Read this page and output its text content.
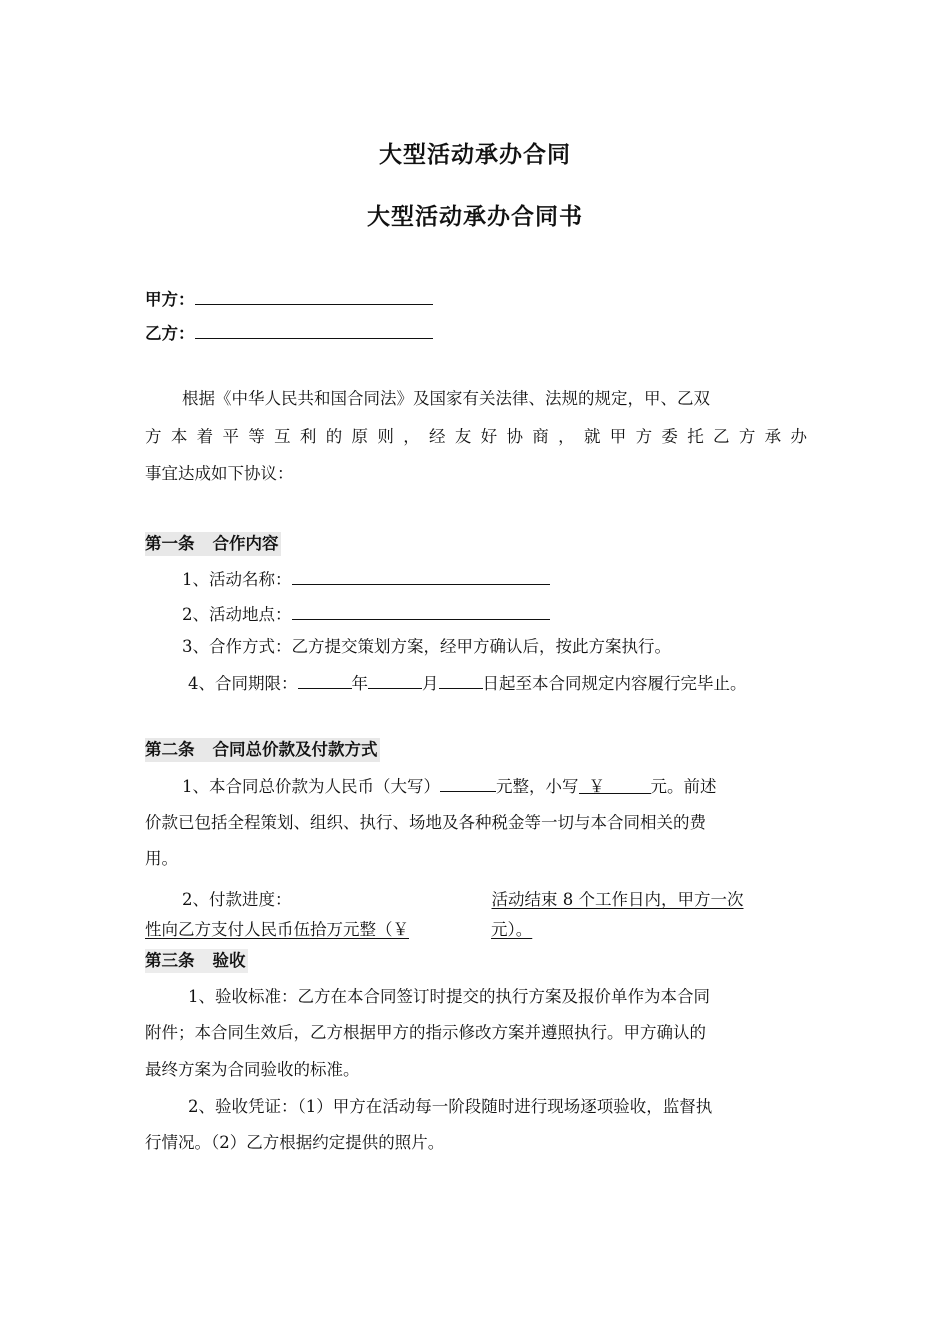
大型活动承办合同
大型活动承办合同书
甲方：
乙方：
根据《中华人民共和国合同法》及国家有关法律、法规的规定，甲、乙双
方本着平等互利的原则，经友好协商，就甲方委托乙方承办
事宜达成如下协议：
第一条 合作内容
1、活动名称：
2、活动地点：
3、合作方式：乙方提交策划方案，经甲方确认后，按此方案执行。
4、合同期限：	年	月	日起至本合同规定内容履行完毕止。
第二条 合同总价款及付款方式
1、本合同总价款为人民币（大写）	元整，小写 ￥	元。前述
价款已包括全程策划、组织、执行、场地及各种税金等一切与本合同相关的费
用。
2、付款进度：	活动结束 8 个工作日内，甲方一次
性向乙方支付人民币伍拾万元整（￥	元）。
第三条 验收
1、验收标准：乙方在本合同签订时提交的执行方案及报价单作为本合同
附件；本合同生效后，乙方根据甲方的指示修改方案并遵照执行。甲方确认的
最终方案为合同验收的标准。
2、验收凭证：（1）甲方在活动每一阶段随时进行现场逐项验收，监督执
行情况。（2）乙方根据约定提供的照片。
